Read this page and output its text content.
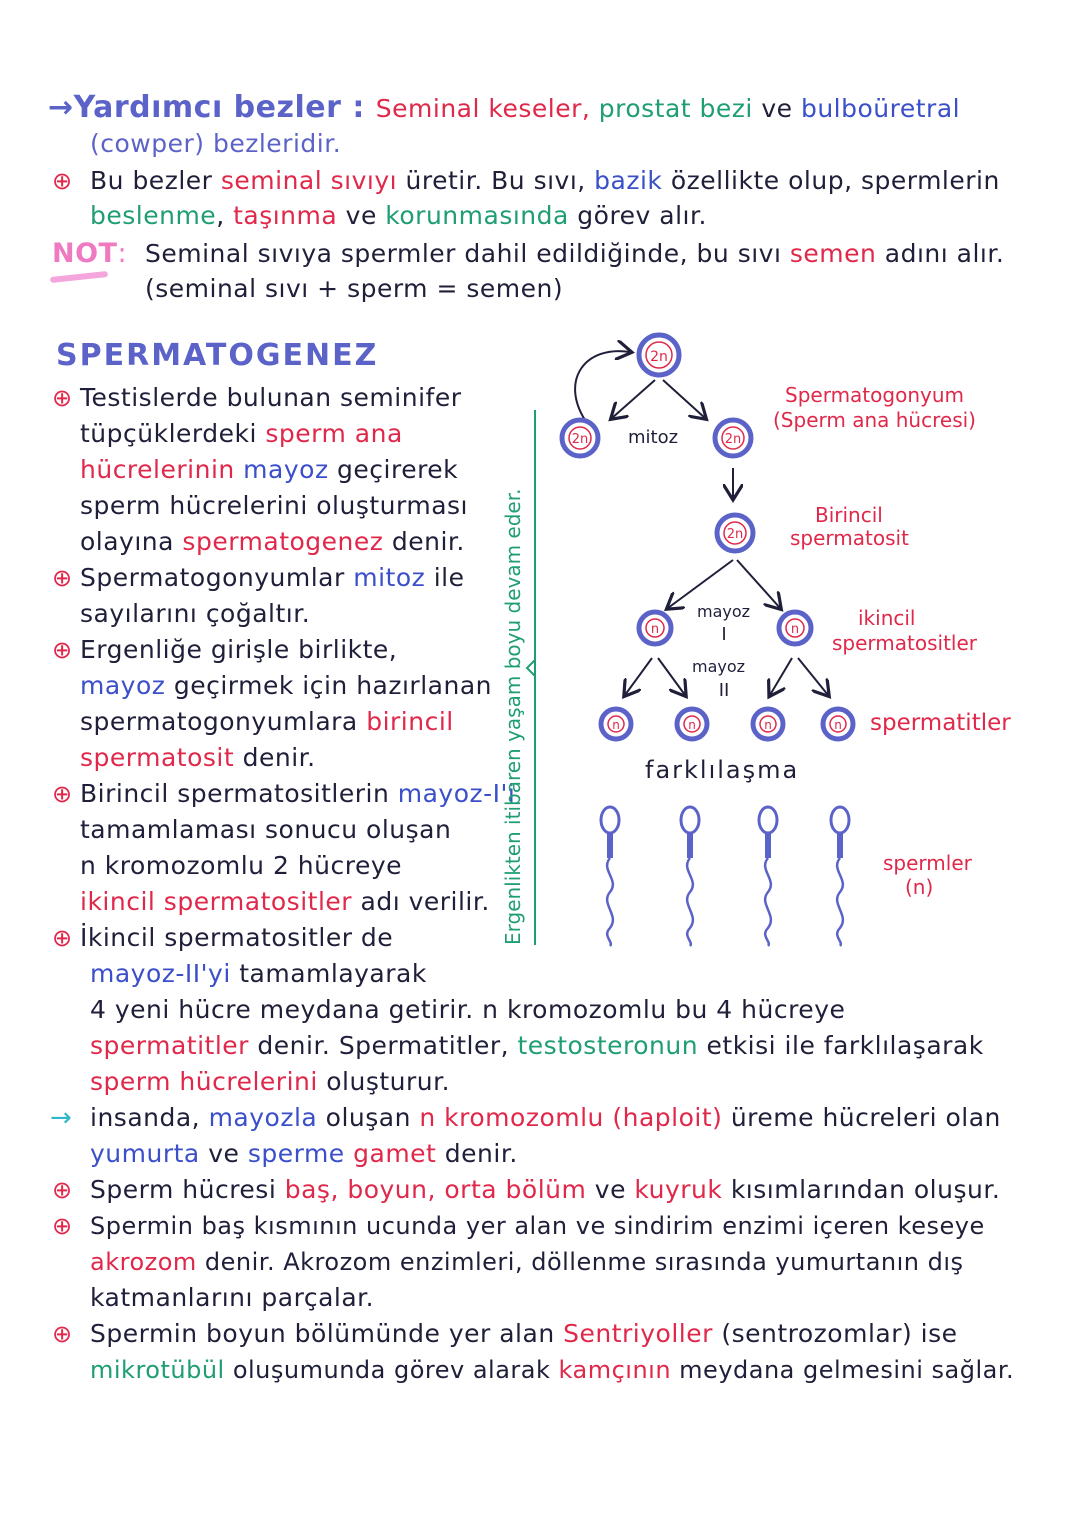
→Yardımcı bezler : Seminal keseler, prostat bezi ve bulboüretral
(cowper) bezleridir.
⊕ Bu bezler seminal sıvıyı üretir. Bu sıvı, bazik özellikte olup, spermlerin
beslenme, taşınma ve korunmasında görev alır.
NOT: Seminal sıvıya spermler dahil edildiğinde, bu sıvı semen adını alır.
(seminal sıvı + sperm = semen)
SPERMATOGENEZ
⊕ Testislerde bulunan seminifer
tüpçüklerdeki sperm ana
hücrelerinin mayoz geçirerek
sperm hücrelerini oluşturması
olayına spermatogenez denir.
⊕ Spermatogonyumlar mitoz ile
sayılarını çoğaltır.
⊕ Ergenliğe girişle birlikte,
mayoz geçirmek için hazırlanan
spermatogonyumlara birincil
spermatosit denir.
⊕ Birincil spermatositlerin mayoz-I'i
tamamlaması sonucu oluşan
n kromozomlu 2 hücreye
ikincil spermatositler adı verilir.
⊕ İkincil spermatositler de
mayoz-II'yi tamamlayarak
4 yeni hücre meydana getirir. n kromozomlu bu 4 hücreye
spermatitler denir. Spermatitler, testosteronun etkisi ile farklılaşarak
sperm hücrelerini oluşturur.
Ergenlikten itibaren yaşam boyu devam eder.
2n
mitoz
2n	2n
2n
mayoz
I
n	n
mayoz
II
n	n	n	n
farklılaşma
Spermatogonyum
(Sperm ana hücresi)
Birincil
spermatosit
ikincil
spermatositler
spermatitler
spermler
(n)
→ insanda, mayozla oluşan n kromozomlu (haploit) üreme hücreleri olan
yumurta ve sperme gamet denir.
⊕ Sperm hücresi baş, boyun, orta bölüm ve kuyruk kısımlarından oluşur.
⊕ Spermin baş kısmının ucunda yer alan ve sindirim enzimi içeren keseye
akrozom denir. Akrozom enzimleri, döllenme sırasında yumurtanın dış
katmanlarını parçalar.
⊕ Spermin boyun bölümünde yer alan Sentriyoller (sentrozomlar) ise
mikrotübül oluşumunda görev alarak kamçının meydana gelmesini sağlar.
